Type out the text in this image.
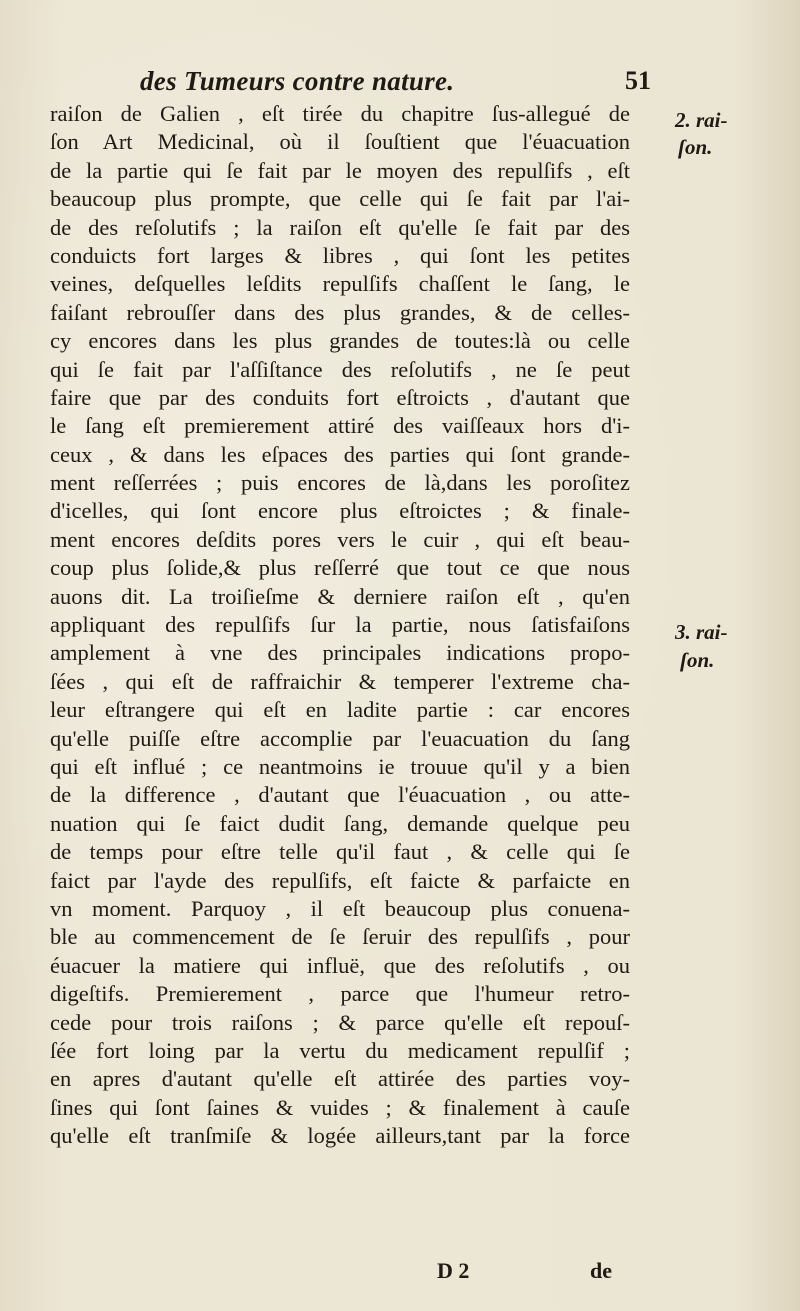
des Tumeurs contre nature.	51
raiſon de Galien , eſt tirée du chapitre ſus-allegué de
ſon Art Medicinal, où il ſouſtient que l'éuacuation
de la partie qui ſe fait par le moyen des repulſifs , eſt
beaucoup plus prompte, que celle qui ſe fait par l'ai-
de des reſolutifs ; la raiſon eſt qu'elle ſe fait par des
conduicts fort larges & libres , qui ſont les petites
veines, deſquelles leſdits repulſifs chaſſent le ſang, le
faiſant rebrouſſer dans des plus grandes, & de celles-
cy encores dans les plus grandes de toutes:là ou celle
qui ſe fait par l'aſſiſtance des reſolutifs , ne ſe peut
faire que par des conduits fort eſtroicts , d'autant que
le ſang eſt premierement attiré des vaiſſeaux hors d'i-
ceux , & dans les eſpaces des parties qui ſont grande-
ment reſſerrées ; puis encores de là,dans les poroſitez
d'icelles, qui ſont encore plus eſtroictes ; & finale-
ment encores deſdits pores vers le cuir , qui eſt beau-
coup plus ſolide,& plus reſſerré que tout ce que nous
auons dit. La troiſieſme & derniere raiſon eſt , qu'en
appliquant des repulſifs ſur la partie, nous ſatisfaiſons
amplement à vne des principales indications propo-
ſées , qui eſt de raffraichir & temperer l'extreme cha-
leur eſtrangere qui eſt en ladite partie : car encores
qu'elle puiſſe eſtre accomplie par l'euacuation du ſang
qui eſt influé ; ce neantmoins ie trouue qu'il y a bien
de la difference , d'autant que l'éuacuation , ou atte-
nuation qui ſe faict dudit ſang, demande quelque peu
de temps pour eſtre telle qu'il faut , & celle qui ſe
faict par l'ayde des repulſifs, eſt faicte & parfaicte en
vn moment. Parquoy , il eſt beaucoup plus conuena-
ble au commencement de ſe ſeruir des repulſifs , pour
éuacuer la matiere qui influë, que des reſolutifs , ou
digeſtifs. Premierement , parce que l'humeur retro-
cede pour trois raiſons ; & parce qu'elle eſt repouſ-
ſée fort loing par la vertu du medicament repulſif ;
en apres d'autant qu'elle eſt attirée des parties voy-
ſines qui ſont ſaines & vuides ; & finalement à cauſe
qu'elle eſt tranſmiſe & logée ailleurs,tant par la force
2. rai-
ſon.
3. rai-
ſon.
D 2	de
